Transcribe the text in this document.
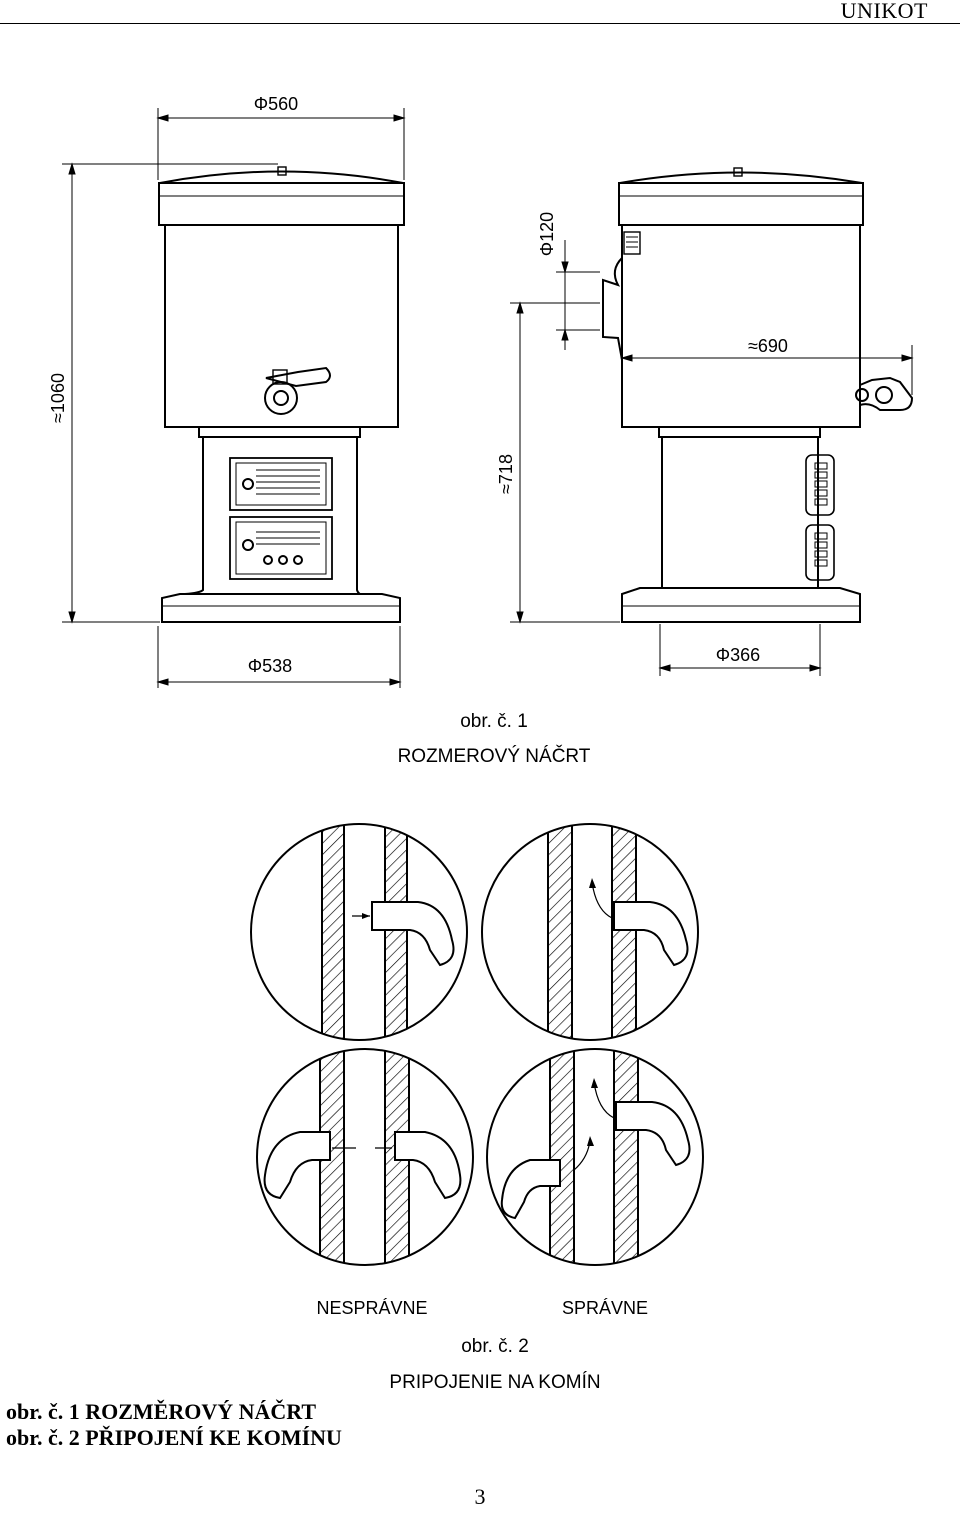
UNIKOT
Φ560
Φ538
≈1060
Φ120
≈718
≈690
Φ366
obr. č. 1
ROZMEROVÝ NÁČRT
NESPRÁVNE	SPRÁVNE
obr. č. 2
PRIPOJENIE NA KOMÍN
obr. č. 1 ROZMĚROVÝ NÁČRT
obr. č. 2 PŘIPOJENÍ KE KOMÍNU
3
